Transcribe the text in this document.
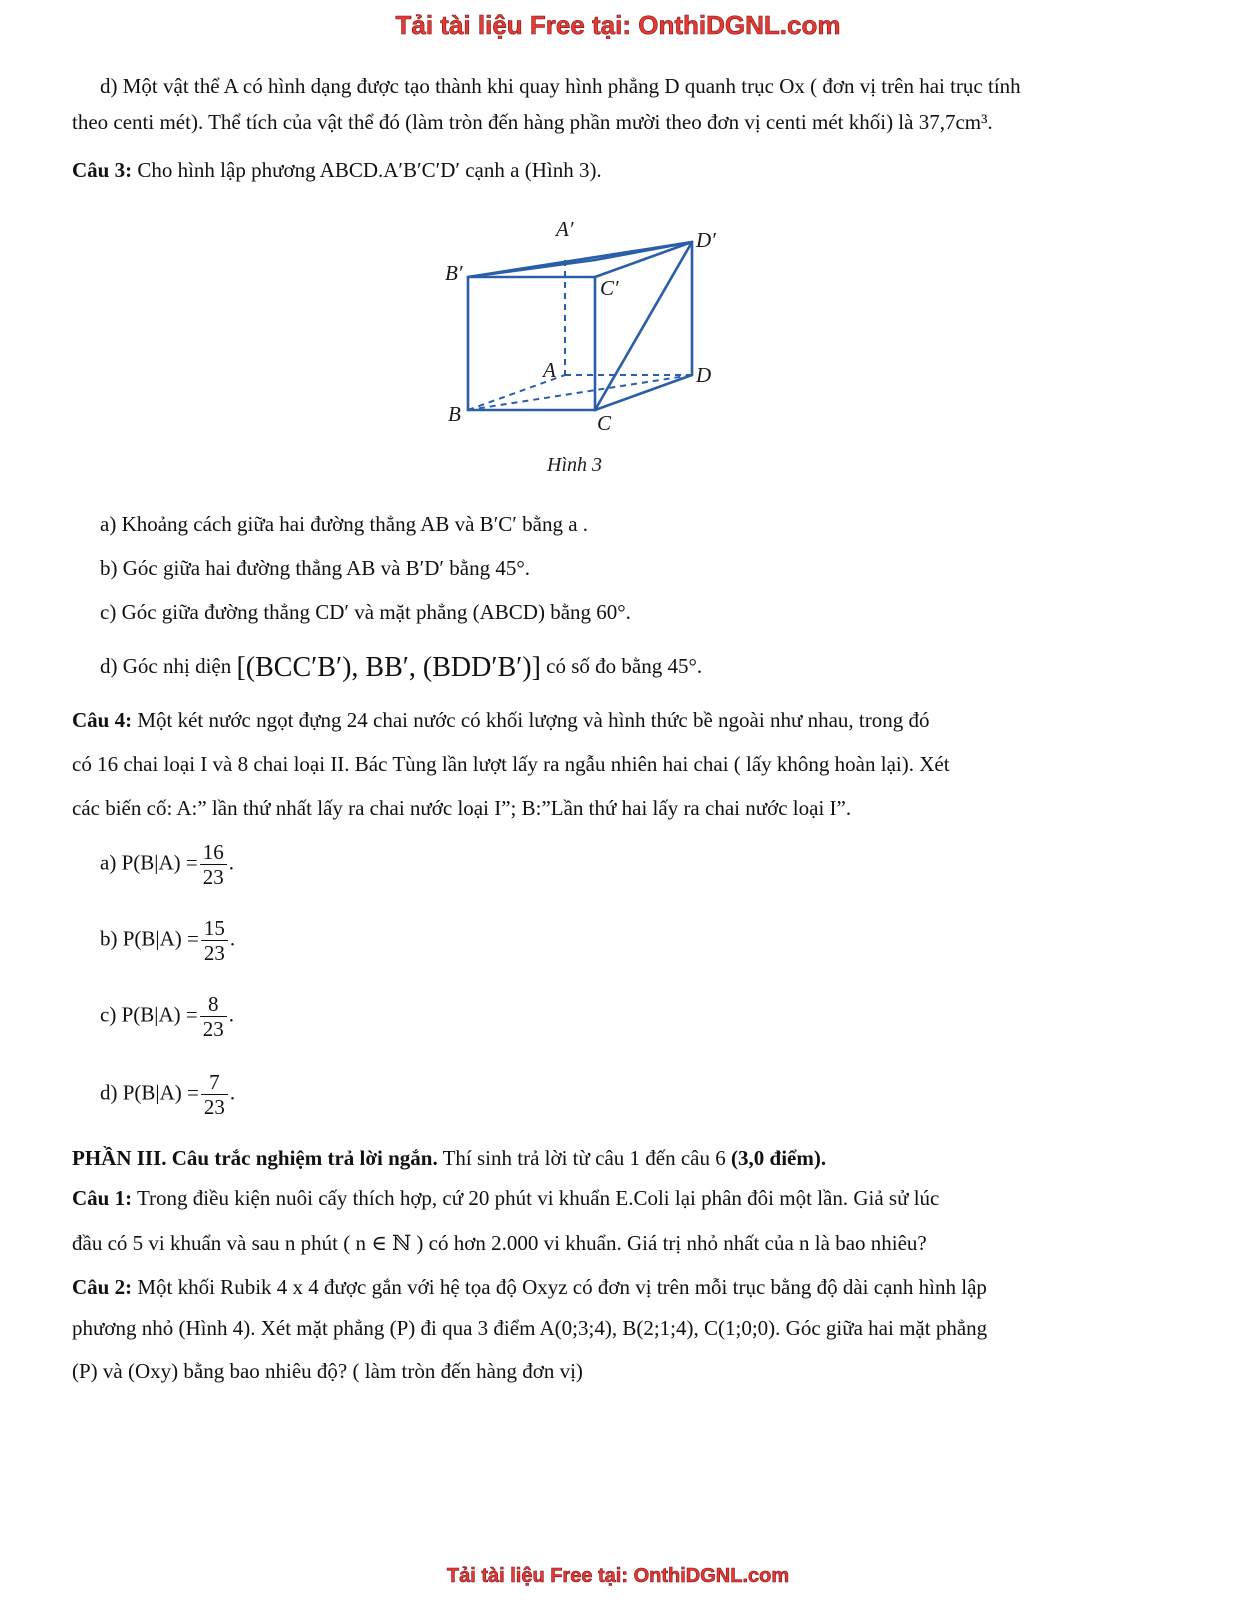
Tải tài liệu Free tại: OnthiDGNL.com
d) Một vật thể A có hình dạng được tạo thành khi quay hình phẳng D quanh trục Ox ( đơn vị trên hai trục tính
theo centi mét). Thể tích của vật thể đó (làm tròn đến hàng phần mười theo đơn vị centi mét khối) là 37,7cm³.
Câu 3: Cho hình lập phương ABCD.A′B′C′D′ cạnh a (Hình 3).
A′	D′
B′
C′
A	D
B	C
Hình 3
a) Khoảng cách giữa hai đường thẳng AB và B′C′ bằng a .
b) Góc giữa hai đường thẳng AB và B′D′ bằng 45°.
c) Góc giữa đường thẳng CD′ và mặt phẳng (ABCD) bằng 60°.
d) Góc nhị diện [(BCC′B′), BB′, (BDD′B′)] có số đo bằng 45°.
Câu 4: Một két nước ngọt đựng 24 chai nước có khối lượng và hình thức bề ngoài như nhau, trong đó
có 16 chai loại I và 8 chai loại II. Bác Tùng lần lượt lấy ra ngẫu nhiên hai chai ( lấy không hoàn lại). Xét
các biến cố: A:” lần thứ nhất lấy ra chai nước loại I”; B:”Lần thứ hai lấy ra chai nước loại I”.
a) $P(B|A) = \frac{16}{23}$ .
b) $P(B|A) = \frac{15}{23}$ .
c) $P(B|A) = \frac{8}{23}$ .
d) $P(B|A) = \frac{7}{23}$ .
PHẦN III. Câu trắc nghiệm trả lời ngắn. Thí sinh trả lời từ câu 1 đến câu 6 (3,0 điểm).
Câu 1: Trong điều kiện nuôi cấy thích hợp, cứ 20 phút vi khuẩn E.Coli lại phân đôi một lần. Giả sử lúc
đầu có 5 vi khuẩn và sau n phút ( n ∈ ℕ ) có hơn 2.000 vi khuẩn. Giá trị nhỏ nhất của n là bao nhiêu?
Câu 2: Một khối Rubik 4 x 4 được gắn với hệ tọa độ Oxyz có đơn vị trên mỗi trục bằng độ dài cạnh hình lập
phương nhỏ (Hình 4). Xét mặt phẳng (P) đi qua 3 điểm A(0;3;4), B(2;1;4), C(1;0;0). Góc giữa hai mặt phẳng
(P) và (Oxy) bằng bao nhiêu độ? ( làm tròn đến hàng đơn vị)
Tải tài liệu Free tại: OnthiDGNL.com
